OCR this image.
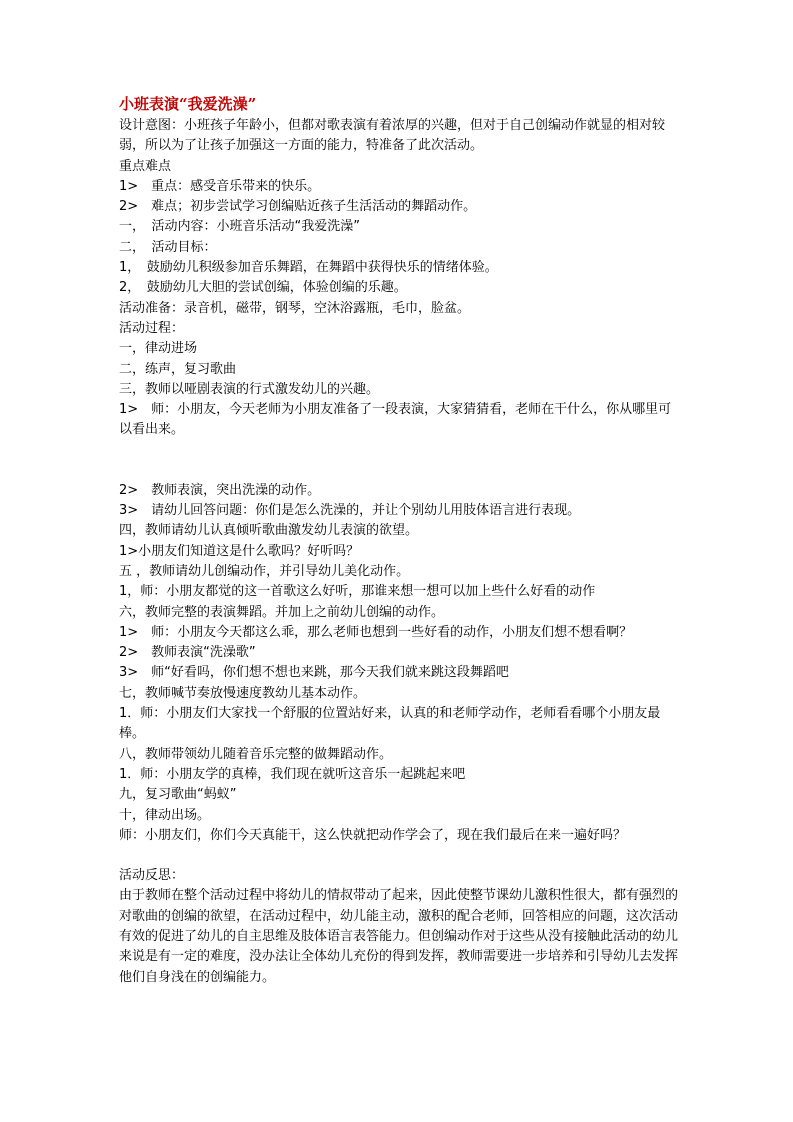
小班表演“我爱洗澡”

设计意图：小班孩子年龄小，但都对歌表演有着浓厚的兴趣，但对于自己创编动作就显的相对较弱，所以为了让孩子加强这一方面的能力，特准备了此次活动。

重点难点

1>　重点：感受音乐带来的快乐。

2>　难点；初步尝试学习创编贴近孩子生活活动的舞蹈动作。

一，　活动内容：小班音乐活动“我爱洗澡”

二，　活动目标：

1，　鼓励幼儿积级参加音乐舞蹈，在舞蹈中获得快乐的情绪体验。

2，　鼓励幼儿大胆的尝试创编，体验创编的乐趣。

活动准备：录音机，磁带，钢琴，空沐浴露瓶，毛巾，脸盆。

活动过程：

一，律动进场

二，练声，复习歌曲

三，教师以哑剧表演的行式激发幼儿的兴趣。

1>　师：小朋友，今天老师为小朋友准备了一段表演，大家猜猜看，老师在干什么，你从哪里可以看出来。

2>　教师表演，突出洗澡的动作。

3>　请幼儿回答问题：你们是怎么洗澡的，并让个别幼儿用肢体语言进行表现。

四，教师请幼儿认真倾听歌曲激发幼儿表演的欲望。

1>小朋友们知道这是什么歌吗？好听吗？

五 ，教师请幼儿创编动作，并引导幼儿美化动作。

1，师：小朋友都觉的这一首歌这么好听，那谁来想一想可以加上些什么好看的动作

六，教师完整的表演舞蹈。并加上之前幼儿创编的动作。

1>　师：小朋友今天都这么乖，那么老师也想到一些好看的动作，小朋友们想不想看啊？

2>　教师表演“洗澡歌”

3>　师“好看吗，你们想不想也来跳，那今天我们就来跳这段舞蹈吧

七，教师喊节奏放慢速度教幼儿基本动作。

1．师：小朋友们大家找一个舒服的位置站好来，认真的和老师学动作，老师看看哪个小朋友最棒。

八，教师带领幼儿随着音乐完整的做舞蹈动作。

1．师：小朋友学的真棒，我们现在就听这音乐一起跳起来吧

九，复习歌曲“蚂蚁”

十，律动出场。

师：小朋友们，你们今天真能干，这么快就把动作学会了，现在我们最后在来一遍好吗？

活动反思：

由于教师在整个活动过程中将幼儿的情叔带动了起来，因此使整节课幼儿激积性很大，都有强烈的对歌曲的创编的欲望，在活动过程中，幼儿能主动，激积的配合老师，回答相应的问题，这次活动有效的促进了幼儿的自主思维及肢体语言表答能力。但创编动作对于这些从没有接触此活动的幼儿来说是有一定的难度，没办法让全体幼儿充份的得到发挥，教师需要进一步培养和引导幼儿去发挥他们自身浅在的创编能力。
